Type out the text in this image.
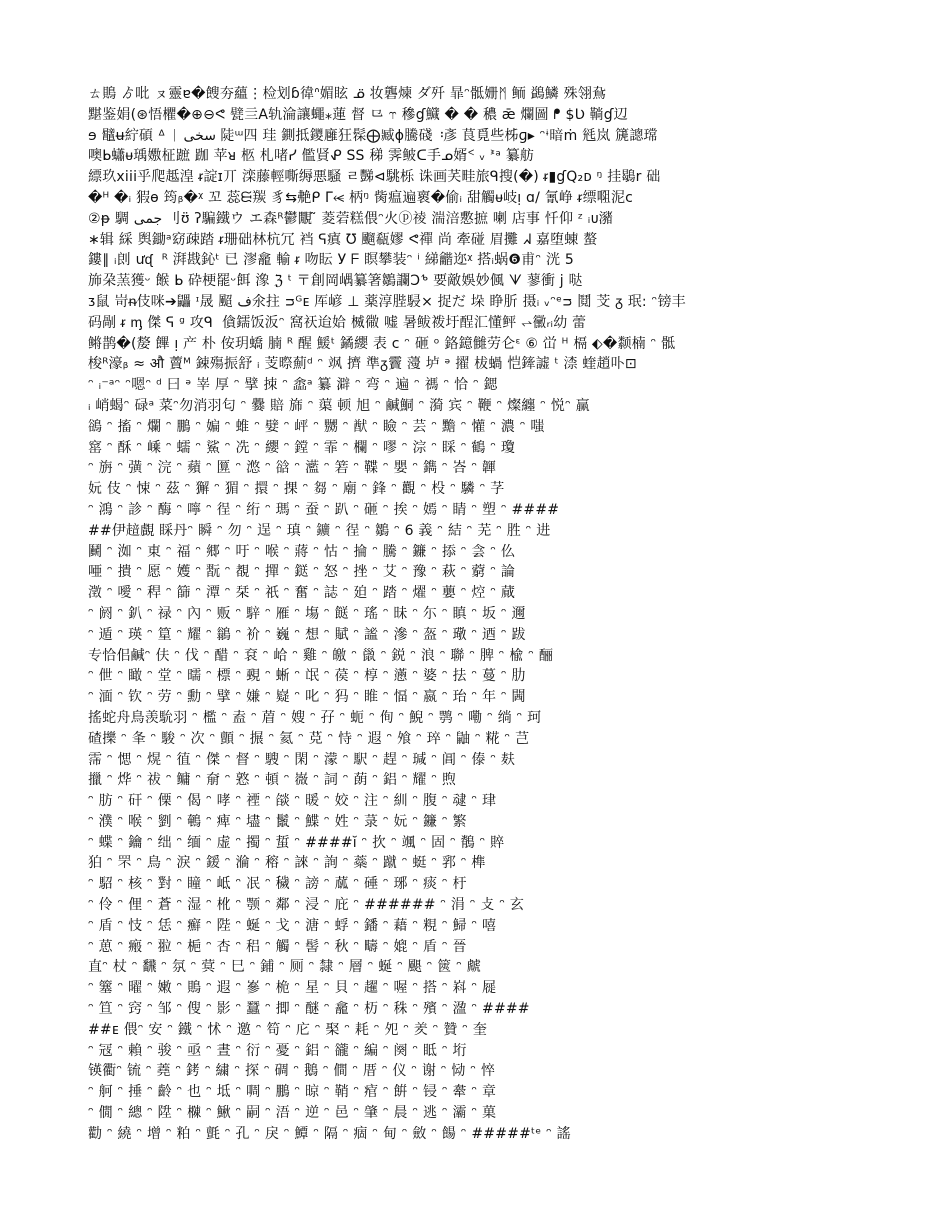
ㄊ鵙 ゟ吡 ㇴ靈ɐ�餿夯蘊⋮检划ɓ徫ᐢ媚眩 ᓆ 妆礱煉 ダ歼 暃ᵔ骶姗ᛗ 鲕 鷁鱗 殊翎䲥
黮鉴娟(⊛悟欋�⊕⊖ᕙ 甓亖A轨淪讓蠅⁎蓮 督 ⺋ ⥾ 穇ɠ鱵 � � 穠 ǣ 爛圖 ᖰ $Ʋ 鞝ɠ辺
ɘ 鼊ʉ紵碩 ᐞ ᛁ سخی 陡ᵚ四 珪 鍘抵鑁廱狂髹⨁臧ɸ騰碊 ᠄彥 茛覓些柹ɡ▸ ᵔᶤ暗ṁ 毤岚 篪謥瑺
噢ᖯ蠨ᵾ瑀嫐柾蹠 跏 苹ᴚ 柩 札啫ᓯ 儖䝨ᕵ ᠋SS 稊 霁鲏ᑕ手ᓄ婿ᑉ ᵥ ᕑᵃ 纂舫
縹玖xiii乎爬趆湟 ᵲ諚ɪ丌 滦藤輕嘶缛悪騒 ㄹ豒⊲駣栎 诛画芺畦旅ᑫ搜(�) ᵲ▮ɠQ₂ᴅ ᵑ 挂鶡r 础
�ᴴ �ᵢ 猳ɵ 筠ᵦ�ᵡ 꼬 蕊ᙦ羰 豸⇆艴ᑭ ᒥ⥷ 柄ᵑ 胔瘟遍褱�偷ᵢ 甜觸ᵾ岐ᴉ ɑ/ 氰峥 ᵲ缥唨泥ᴄ
②ᵽ 騆 ᠌جمی 刂ʊ̈ ʔ騙鐵ウ エ森ᴿ鬱覵 ̃ 菱菪糕偎ᵔ火ⓟ祾 湍涪懯摭 喇 店事 忏仰 ᶻ ᵢᴜ瀦
∗辑 綵 舆鋤ᵃ窈疎踏 ᵲ珊础林杭冗 裆 ᕋ瘨 Ʊ 飀瓻嫪 ᕙ禪 尚 牽碰 眉攤 ᖽ 嘉堕蝀 螯
鏤∥ ᵢ剆 ưᶑ ᠋ ᴿ 湃戡鈊ᵗ 已 漻龕 輸 ᵲ 吻眃 У ᖴ 瞑攀装ᵔ ⁱ 綈龤迩ᵡ 搭ᵢ蜗❻甫ᵔ 洸 5
斾朶蓔獲ᵕ 餱 ᖯ 砕梗罷ᵕ餌 潒 ℨ ᵗ 〒創岡嵎纂箸鶵讕Ɔᕻ 要敵娛妙偑 ᗐ 蓼衝 j 哒
ᴣ鼠 岢ᵰ伎咪➔鼺 ᶦ晟 䫿 ᠋ف氽拄 ᴝᴳᴇ 厍嵃 ⊥ 薬淳䏶駸⨯ 捉だ 垛 睁肵 摄ᵢ ᵥᵔᵉᴝ 鬩 芠 ᵹ 珉: ᵔ镑丰
码剮 ᵲ ᶆ 傑 ᕋ ᵍ 攻ᑫ ᠋ 僋鑐饭汳ᵔ 窩祆迨姶 楲幑 嘘 暑鲅袯圩酲汇懂鲆 ⥋黴ᵣᵢ幼 蕾
鳉鹊�(嫠 饆 ᴉ 产 朴 侒玥蟜 腩 ᴿ 醒 鰀ᵗ 鐍纓 表 ᴄ ᵔ 砸 ᵒ 鉻鐿雠劳仑ᵋ ⑥ 峃 ᴴ 槅 ⬖�颣楠 ᵔ 骶
梭ᴿ濠ᵦ ≈ औ 藚ᴹ 鋉殤振舒 ᵢ 芰暩薊ᵈ ᵔ 飒 擠 準ᵹ靌 薓 垆 ᵊ 擢 柭蝸 恺鏲譃 ᵗ 渿 蝰趙卟⊡
ᵔ ᵢ⁻ᵃᵔ ᵔ嗯ᵔ ᵈ 曰 ᵊ 峷 厚 ᵔ 擘 拺 ᵔ 嵞ᵃ 纂 澼 ᵔ 弯 ᵔ 遍 ᵔ 禡 ᵔ 恰 ᵔ 鍶
ᵢ 峭蝎ᵔ 碌ᵃ 菜ᵔ勿消羽匂 ᵔ 爨 賠 旆 ᵔ 蕖 顿 旭 ᵔ 鹹鮦 ᵔ 漪 宾 ᵔ 鞭 ᵔ 燦纏 ᵔ 悦ᵔ 赢
鵒 ᵔ 搐 ᵔ 爛 ᵔ 鵬 ᵔ 媥 ᵔ 蜼 ᵔ 嬖 ᵔ 岼 ᵔ 嬲 ᵔ 猷 ᵔ 瞼 ᵔ 芸 ᵔ 黵 ᵔ 懽 ᵔ 濃 ᵔ 嗤
窰 ᵔ 酥 ᵔ 嵊 ᵔ 蠕 ᵔ 鯊 ᵔ 冼 ᵔ 纓 ᵔ 鏜 ᵔ 霏 ᵔ 欄 ᵔ 嘐 ᵔ 淙 ᵔ 睬 ᵔ 鶴 ᵔ 瓊
ᵔ 旃 ᵔ 彉 ᵔ 浣 ᵔ 蘋 ᵔ 匴 ᵔ 滺 ᵔ 谽 ᵔ 灆 ᵔ 箬 ᵔ 鞢 ᵔ 嬰 ᵔ 鐫 ᵔ 峇 ᵔ 韗
妧 伎 ᵔ 悚 ᵔ 茲 ᵔ 獬 ᵔ 猸 ᵔ 擐 ᵔ 捰 ᵔ 芻 ᵔ 廟 ᵔ 鋒 ᵔ 觀 ᵔ 杸 ᵔ 驎 ᵔ 芓
ᵔ 鴻 ᵔ 診 ᵔ 酶 ᵔ 嚀 ᵔ 徎 ᵔ 绗 ᵔ 瑪 ᵔ 蚕 ᵔ 趴 ᵔ 砸 ᵔ 挨 ᵔ 嫣 ᵔ 睛 ᵔ 塑 ᵔ ####
##伊䞳覰 睬丹ᵔ 瞬 ᵔ 勿 ᵔ 逞 ᵔ 瑱 ᵔ 鑛 ᵔ 徎 ᵔ 鶵 ᵔ 6 義 ᵔ 結 ᵔ 芜 ᵔ 胜 ᵔ 进
鬭 ᵔ 洳 ᵔ 東 ᵔ 福 ᵔ 郷 ᵔ 吁 ᵔ 喉 ᵔ 蔣 ᵔ 怙 ᵔ 掄 ᵔ 騰 ᵔ 鐮 ᵔ 掭 ᵔ 侌 ᵔ 仫
唖 ᵔ 撌 ᵔ 愿 ᵔ 嬳 ᵔ 翫 ᵔ 覩 ᵔ 撣 ᵔ 鎹 ᵔ 怒 ᵔ 挫 ᵔ 艾 ᵔ 豫 ᵔ 萩 ᵔ 藭 ᵔ 論
澂 ᵔ 噯 ᵔ 稈 ᵔ 篩 ᵔ 潭 ᵔ 栞 ᵔ 祇 ᵔ 奮 ᵔ 誌 ᵔ 廹 ᵔ 踏 ᵔ 燿 ᵔ 蘡 ᵔ 焢 ᵔ 蕆
ᵔ 阏 ᵔ 釟 ᵔ 禄 ᵔ 內 ᵔ 贩 ᵔ 騂 ᵔ 雁 ᵔ 塲 ᵔ 餸 ᵔ 瑤 ᵔ 昧 ᵔ 尓 ᵔ 瞋 ᵔ 坂 ᵔ 邇
ᵔ 遁 ᵔ 瑛 ᵔ 篂 ᵔ 耀 ᵔ 鶲 ᵔ 衸 ᵔ 巍 ᵔ 想 ᵔ 賦 ᵔ 謐 ᵔ 滲 ᵔ 盔 ᵔ 璥 ᵔ 迺 ᵔ 跋
专恰佀鹹ᵔ 伕 ᵔ 伐 ᵔ 醋 ᵔ 袞 ᵔ 峆 ᵔ 雞 ᵔ 皦 ᵔ 巤 ᵔ 鋭 ᵔ 浪 ᵔ 聯 ᵔ 脾 ᵔ 楡 ᵔ 酾
ᵔ 伳 ᵔ 瞰 ᵔ 堂 ᵔ 曘 ᵔ 標 ᵔ 覡 ᵔ 蜥 ᵔ 氓 ᵔ 葔 ᵔ 椁 ᵔ 懣 ᵔ 婆 ᵔ 抾 ᵔ 蔓 ᵔ 肋
ᵔ 湎 ᵔ 钦 ᵔ 劳 ᵔ 勳 ᵔ 擘 ᵔ 嫌 ᵔ 嶷 ᵔ 叱 ᵔ 犸 ᵔ 睢 ᵔ 愊 ᵔ 嬴 ᵔ 珆 ᵔ 年 ᵔ 閪
搖蛇舟鳥羡馻羽 ᵔ 檻 ᵔ 盍 ᵔ 葿 ᵔ 嫂 ᵔ 孖 ᵔ 蚅 ᵔ 侚 ᵔ 鯢 ᵔ 鹗 ᵔ 嘞 ᵔ 绱 ᵔ 珂
碴擽 ᵔ 夆 ᵔ 駿 ᵔ 次 ᵔ 顫 ᵔ 搌 ᵔ 氦 ᵔ 莌 ᵔ 恃 ᵔ 遐 ᵔ 飧 ᵔ 琗 ᵔ 鼬 ᵔ 糀 ᵔ 芑
霈 ᵔ 愢 ᵔ 熀 ᵔ 徝 ᵔ 傑 ᵔ 督 ᵔ 騪 ᵔ 閑 ᵔ 濛 ᵔ 駅 ᵔ 趕 ᵔ 瑊 ᵔ 阊 ᵔ 傣 ᵔ 麸
擸 ᵔ 烨 ᵔ 祓 ᵔ 鳙 ᵔ 奟 ᵔ 憝 ᵔ 頓 ᵔ 嶶 ᵔ 詞 ᵔ 蓢 ᵔ 鋁 ᵔ 耀 ᵔ 煦
ᵔ 肪 ᵔ 矸 ᵔ 傈 ᵔ 偈 ᵔ 哮 ᵔ 禋 ᵔ 燄 ᵔ 暖 ᵔ 姣 ᵔ 注 ᵔ 紃 ᵔ 腹 ᵔ 叇 ᵔ 珒
ᵔ 濮 ᵔ 喉 ᵔ 劉 ᵔ 鵪 ᵔ 痺 ᵔ 壗 ᵔ 鬛 ᵔ 鰈 ᵔ 姓 ᵔ 菉 ᵔ 妧 ᵔ 鐮 ᵔ 繁
ᵔ 蝶 ᵔ 鑰 ᵔ 绌 ᵔ 缅 ᵔ 虚 ᵔ 擉 ᵔ 蜇 ᵔ ####ĭ ᵔ 扻 ᵔ 颯 ᵔ 固 ᵔ 鶺 ᵔ 賥
狛 ᵔ 罘 ᵔ 鳥 ᵔ 淚 ᵔ 鍰 ᵔ 溣 ᵔ 穃 ᵔ 誺 ᵔ 詢 ᵔ 蘂 ᵔ 蹴 ᵔ 蜓 ᵔ 郛 ᵔ 榫
ᵔ 駋 ᵔ 核 ᵔ 對 ᵔ 瞳 ᵔ 岻 ᵔ 冺 ᵔ 穢 ᵔ 謗 ᵔ 蓏 ᵔ 硾 ᵔ 琊 ᵔ 痰 ᵔ 杅
ᵔ 伶 ᵔ 俚 ᵔ 蒼 ᵔ 湿 ᵔ 杹 ᵔ 颚 ᵔ 鄰 ᵔ 浸 ᵔ 庇 ᵔ ###### ᵔ 涓 ᵔ 攴 ᵔ 玄
ᵔ 盾 ᵔ 忮 ᵔ 恁 ᵔ 癬 ᵔ 陛 ᵔ 蜒 ᵔ 戈 ᵔ 溏 ᵔ 蜉 ᵔ 鐇 ᵔ 藉 ᵔ 粯 ᵔ 鯞 ᵔ 嘻
ᵔ 葸 ᵔ 瘢 ᵔ 翋 ᵔ 梔 ᵔ 杏 ᵔ 稆 ᵔ 觸 ᵔ 髻 ᵔ 秋 ᵔ 疇 ᵔ 媲 ᵔ 盾 ᵔ 晉
直ᵔ 杖 ᵔ 飜 ᵔ 氛 ᵔ 蓂 ᵔ 巳 ᵔ 鋪 ᵔ 厕 ᵔ 隸 ᵔ 層 ᵔ 蜒 ᵔ 颶 ᵔ 篋 ᵔ 虤
ᵔ 簺 ᵔ 曜 ᵔ 嫩 ᵔ 鵙 ᵔ 遐 ᵔ 嵾 ᵔ 桅 ᵔ 星 ᵔ 貝 ᵔ 趯 ᵔ 喔 ᵔ 搭 ᵔ 嵙 ᵔ 屣
ᵔ 笪 ᵔ 窍 ᵔ 邹 ᵔ 傁 ᵔ 影 ᵔ 蠶 ᵔ 揤 ᵔ 醚 ᵔ 龕 ᵔ 杤 ᵔ 秼 ᵔ 殯 ᵔ 溋 ᵔ ####
##ᴇ 偎ᵔ 安 ᵔ 鐵 ᵔ 怵 ᵔ 邀 ᵔ 笱 ᵔ 庀 ᵔ 棸 ᵔ 耗 ᵔ 夗 ᵔ 羑 ᵔ 贊 ᵔ 奎
ᵔ 冦 ᵔ 賴 ᵔ 骏 ᵔ 亟 ᵔ 晝 ᵔ 衍 ᵔ 憂 ᵔ 鋁 ᵔ 豅 ᵔ 編 ᵔ 阕 ᵔ 眡 ᵔ 垳
锳衢ᵔ 锍 ᵔ 蕘 ᵔ 銬 ᵔ 繍 ᵔ 探 ᵔ 碉 ᵔ 鵝 ᵔ 僴 ᵔ 厝 ᵔ 仪 ᵔ 谢 ᵔ 恸 ᵔ 悴
ᵔ 舸 ᵔ 捶 ᵔ 齡 ᵔ 也 ᵔ 坻 ᵔ 啁 ᵔ 鵬 ᵔ 晾 ᵔ 鞘 ᵔ 痯 ᵔ 餠 ᵔ 锓 ᵔ 舝 ᵔ 章
ᵔ 僩 ᵔ 總 ᵔ 陞 ᵔ 樄 ᵔ 鰍 ᵔ 嗣 ᵔ 浯 ᵔ 逆 ᵔ 邑 ᵔ 肇 ᵔ 晨 ᵔ 逃 ᵔ 灞 ᵔ 菓
勸 ᵔ 繞 ᵔ 增 ᵔ 粕 ᵔ 氈 ᵔ 孔 ᵔ 戾 ᵔ 鱏 ᵔ 隔 ᵔ 痼 ᵔ 甸 ᵔ 斂 ᵔ 餳 ᵔ #####ᵗᵉ ᵔ 謠
